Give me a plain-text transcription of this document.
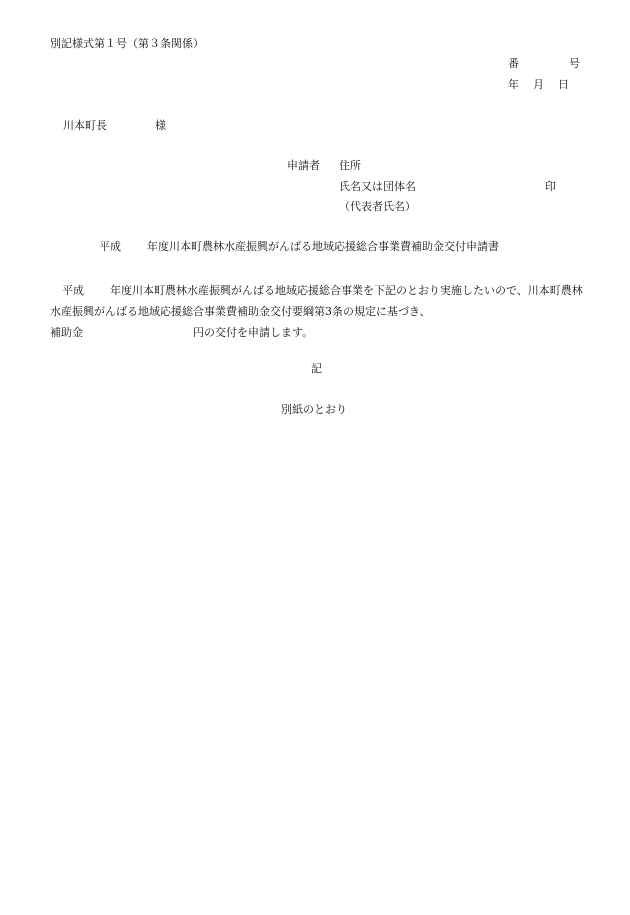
別記様式第１号（第３条関係）
番	号
年 月 日
川本町長	様
申請者 住所
氏名又は団体名	印
（代表者氏名）
平成 年度川本町農林水産振興がんばる地域応援総合事業費補助金交付申請書
平成 年度川本町農林水産振興がんばる地域応援総合事業を下記のとおり実施したいので、川本町農林水産振興がんばる地域応援総合事業費補助金交付要綱第3条の規定に基づき、
補助金	円の交付を申請します。
記
別紙のとおり
